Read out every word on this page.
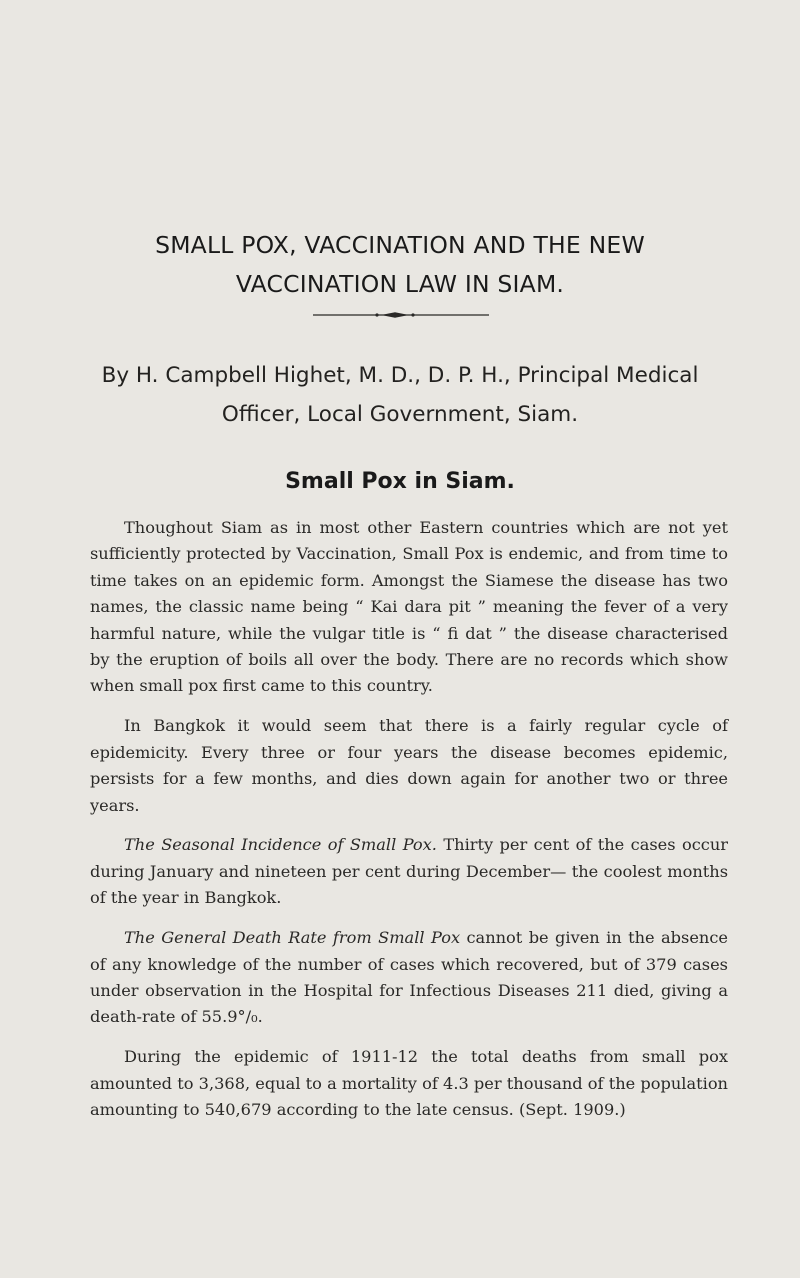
SMALL POX, VACCINATION AND THE NEW
VACCINATION LAW IN SIAM.
By H. Campbell Highet, M. D., D. P. H., Principal Medical
Officer, Local Government, Siam.
Small Pox in Siam.

Thoughout Siam as in most other Eastern countries which are not yet sufficiently protected by Vaccination, Small Pox is endemic, and from time to time takes on an epidemic form. Amongst the Siamese the disease has two names, the classic name being “ Kai dara pit ” meaning the fever of a very harmful nature, while the vulgar title is “ fi dat ” the disease characterised by the eruption of boils all over the body. There are no records which show when small pox first came to this country.

In Bangkok it would seem that there is a fairly regular cycle of epidemicity. Every three or four years the disease becomes epidemic, persists for a few months, and dies down again for another two or three years.

The Seasonal Incidence of Small Pox. Thirty per cent of the cases occur during January and nineteen per cent during December— the coolest months of the year in Bangkok.

The General Death Rate from Small Pox cannot be given in the absence of any knowledge of the number of cases which recovered, but of 379 cases under observation in the Hospital for Infectious Diseases 211 died, giving a death-rate of 55.9°/₀.

During the epidemic of 1911-12 the total deaths from small pox amounted to 3,368, equal to a mortality of 4.3 per thousand of the population amounting to 540,679 according to the late census. (Sept. 1909.)
